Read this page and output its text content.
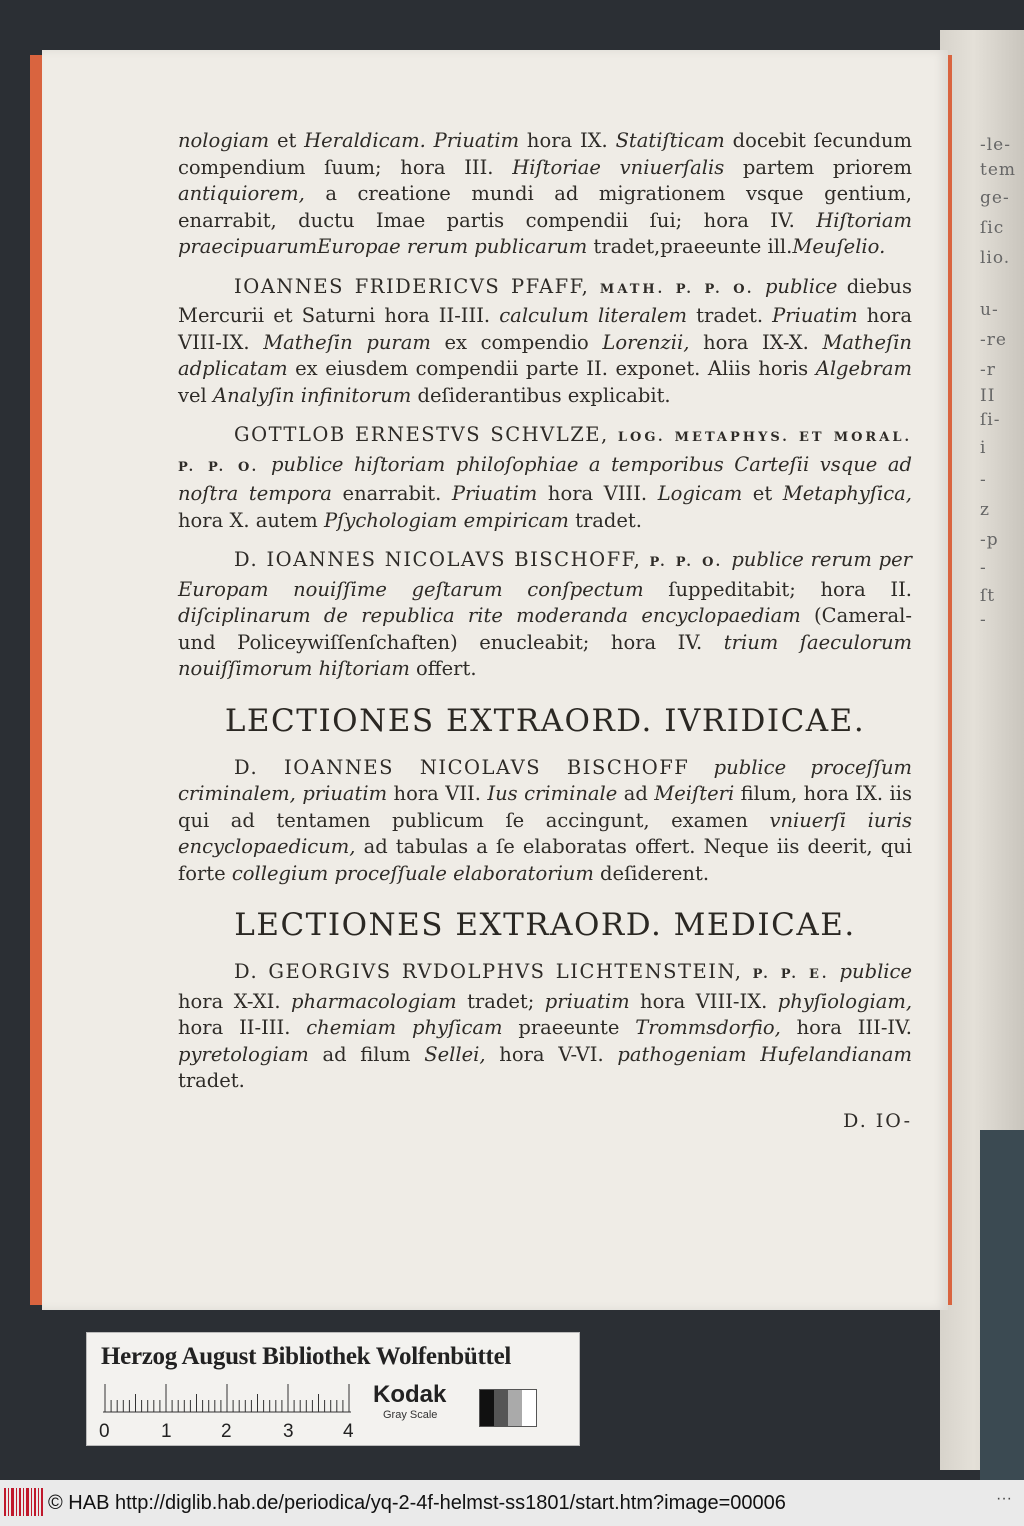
-le-
tem
ge-
ſic
lio.
u-
-re
-r
II
ſi-
i
-
z
-p
-
ſt
-
nologiam et Heraldicam. Priuatim hora IX. Statiſticam docebit ſecundum compendium ſuum; hora III. Hiſtoriae vniuerſalis partem priorem antiquiorem, a creatione mundi ad migrationem vsque gentium, enarrabit, ductu Imae partis compendii ſui; hora IV. Hiſtoriam praecipuarumEuropae rerum publicarum tradet,praeeunte ill.Meuſelio.
IOANNES FRIDERICVS PFAFF, MATH. P. P. O. publice diebus Mercurii et Saturni hora II-III. calculum literalem tradet. Priuatim hora VIII-IX. Matheſin puram ex compendio Lorenzii, hora IX-X. Matheſin adplicatam ex eiusdem compendii parte II. exponet. Aliis horis Algebram vel Analyſin infinitorum deſiderantibus explicabit.
GOTTLOB ERNESTVS SCHVLZE, LOG. METAPHYS. ET MORAL. P. P. O. publice hiſtoriam philoſophiae a temporibus Carteſii vsque ad noſtra tempora enarrabit. Priuatim hora VIII. Logicam et Metaphyſica, hora X. autem Pſychologiam empiricam tradet.
D. IOANNES NICOLAVS BISCHOFF, P. P. O. publice rerum per Europam nouiſſime geſtarum conſpectum ſuppeditabit; hora II. diſciplinarum de republica rite moderanda encyclopaediam (Cameral- und Policeywiſſenſchaften) enucleabit; hora IV. trium ſaeculorum nouiſſimorum hiſtoriam offert.
LECTIONES EXTRAORD. IVRIDICAE.
D. IOANNES NICOLAVS BISCHOFF publice proceſſum criminalem, priuatim hora VII. Ius criminale ad Meiſteri filum, hora IX. iis qui ad tentamen publicum ſe accingunt, examen vniuerſi iuris encyclopaedicum, ad tabulas a ſe elaboratas offert. Neque iis deerit, qui forte collegium proceſſuale elaboratorium deſiderent.
LECTIONES EXTRAORD. MEDICAE.
D. GEORGIVS RVDOLPHVS LICHTENSTEIN, P. P. E. publice hora X-XI. pharmacologiam tradet; priuatim hora VIII-IX. phyſiologiam, hora II-III. chemiam phyſicam praeeunte Trommsdorfio, hora III-IV. pyretologiam ad filum Sellei, hora V-VI. pathogeniam Hufelandianam tradet.
D. IO-
Herzog August Bibliothek Wolfenbüttel
Kodak
Gray Scale
0	1	2	3	4
© HAB http://diglib.hab.de/periodica/yq-2-4f-helmst-ss1801/start.htm?image=00006	···
